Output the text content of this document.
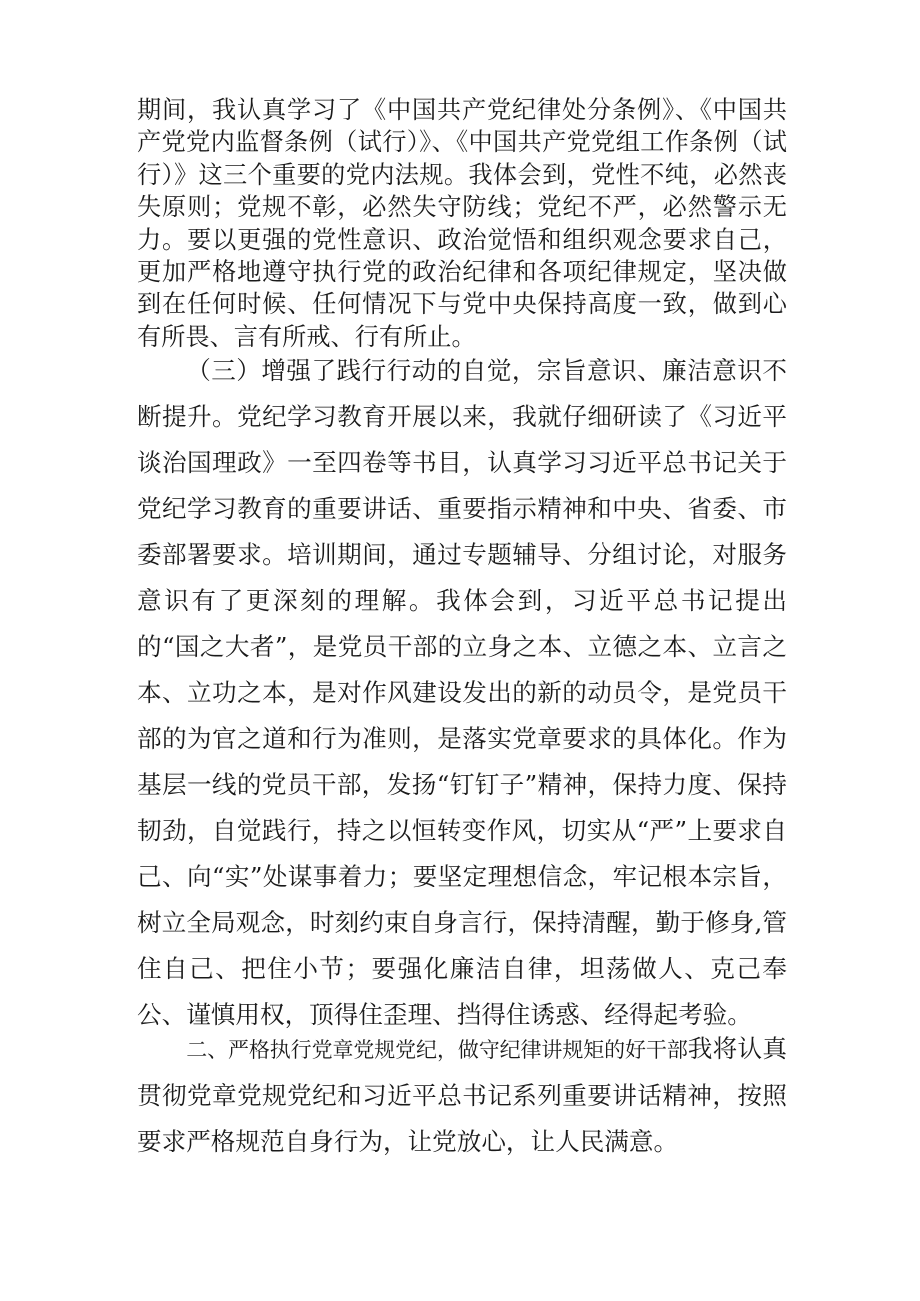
期间，我认真学习了《中国共产党纪律处分条例》、《中国共产党党内监督条例（试行）》、《中国共产党党组工作条例（试行）》这三个重要的党内法规。我体会到，党性不纯，必然丧失原则；党规不彰，必然失守防线；党纪不严，必然警示无力。要以更强的党性意识、政治觉悟和组织观念要求自己，更加严格地遵守执行党的政治纪律和各项纪律规定，坚决做到在任何时候、任何情况下与党中央保持高度一致，做到心有所畏、言有所戒、行有所止。

（三）增强了践行行动的自觉，宗旨意识、廉洁意识不断提升。党纪学习教育开展以来，我就仔细研读了《习近平谈治国理政》一至四卷等书目，认真学习习近平总书记关于党纪学习教育的重要讲话、重要指示精神和中央、省委、市委部署要求。培训期间，通过专题辅导、分组讨论，对服务意识有了更深刻的理解。我体会到，习近平总书记提出的“国之大者”，是党员干部的立身之本、立德之本、立言之本、立功之本，是对作风建设发出的新的动员令，是党员干部的为官之道和行为准则，是落实党章要求的具体化。作为基层一线的党员干部，发扬“钉钉子”精神，保持力度、保持韧劲，自觉践行，持之以恒转变作风，切实从“严”上要求自己、向“实”处谋事着力；要坚定理想信念，牢记根本宗旨，树立全局观念，时刻约束自身言行，保持清醒，勤于修身,管住自己、把住小节；要强化廉洁自律，坦荡做人、克己奉公、谨慎用权，顶得住歪理、挡得住诱惑、经得起考验。

二、严格执行党章党规党纪，做守纪律讲规矩的好干部我将认真贯彻党章党规党纪和习近平总书记系列重要讲话精神，按照要求严格规范自身行为，让党放心，让人民满意。
